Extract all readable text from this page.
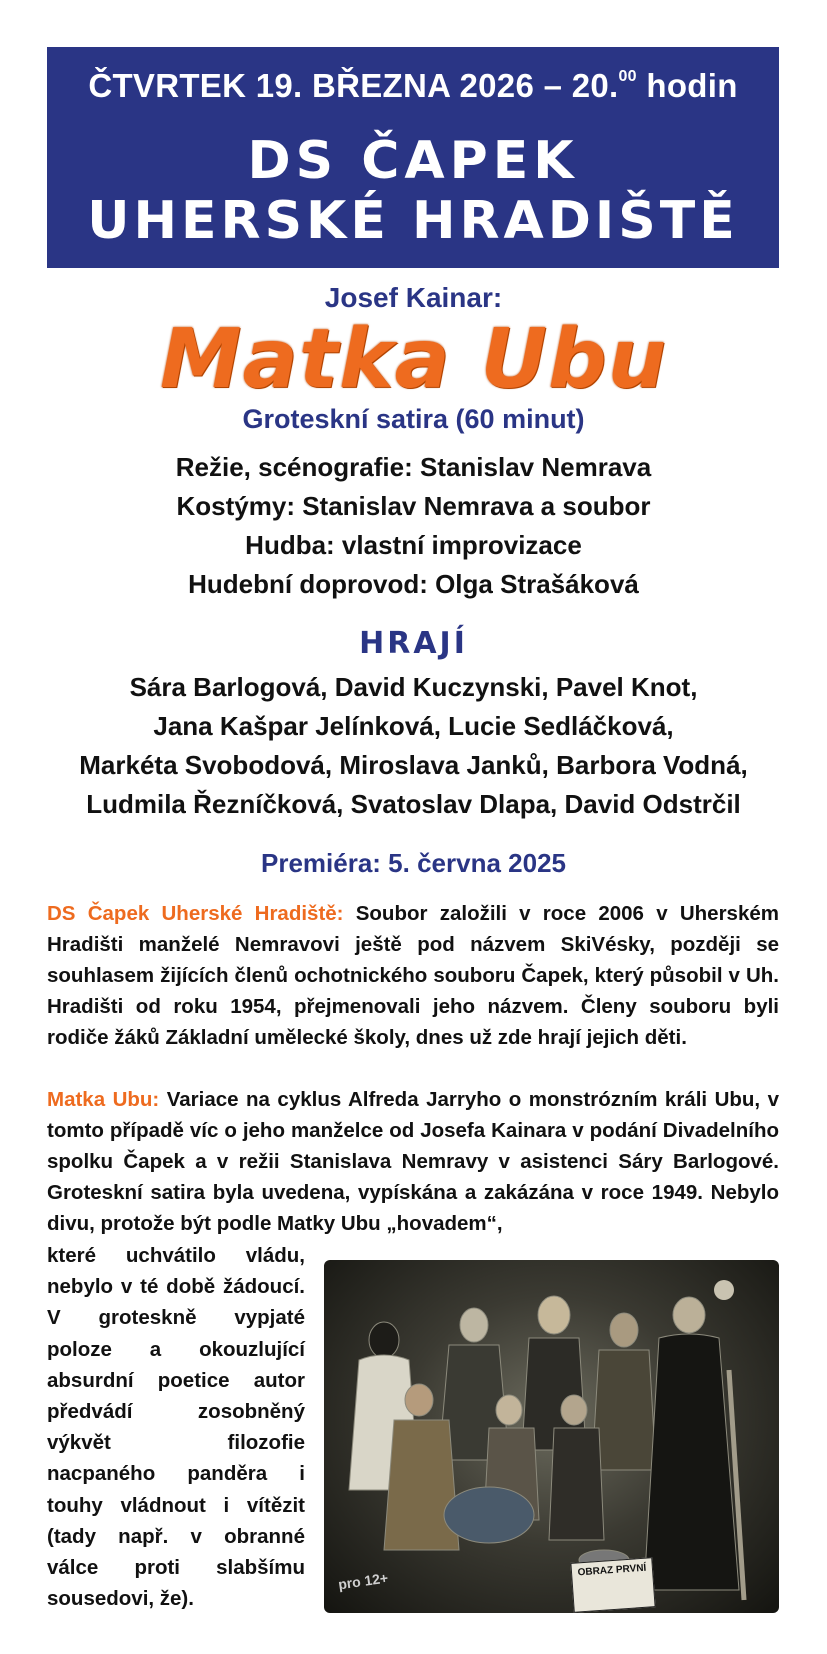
ČTVRTEK 19. BŘEZNA 2026 – 20.00 hodin
DS ČAPEK
UHERSKÉ HRADIŠTĚ
Josef Kainar:
Matka Ubu
Groteskní satira (60 minut)
Režie, scénografie: Stanislav Nemrava
Kostýmy: Stanislav Nemrava a soubor
Hudba: vlastní improvizace
Hudební doprovod: Olga Strašáková
HRAJÍ
Sára Barlogová, David Kuczynski, Pavel Knot,
Jana Kašpar Jelínková, Lucie Sedláčková,
Markéta Svobodová, Miroslava Janků, Barbora Vodná,
Ludmila Řezníčková, Svatoslav Dlapa, David Odstrčil
Premiéra: 5. června 2025
DS Čapek Uherské Hradiště: Soubor založili v roce 2006 v Uherském Hradišti manželé Nemravovi ještě pod názvem SkiVésky, později se souhlasem žijících členů ochotnického souboru Čapek, který působil v Uh. Hradišti od roku 1954, přejmenovali jeho názvem. Členy souboru byli rodiče žáků Základní umělecké školy, dnes už zde hrají jejich děti.
Matka Ubu: Variace na cyklus Alfreda Jarryho o monstrózním králi Ubu, v tomto případě víc o jeho manželce od Josefa Kainara v podání Divadelního spolku Čapek a v režii Stanislava Nemravy v asistenci Sáry Barlogové. Groteskní satira byla uvedena, vypískána a zakázána v roce 1949. Nebylo divu, protože být podle Matky Ubu „hovadem“,
které uchvátilo vládu, nebylo v té době žádoucí. V groteskně vypjaté poloze a okouzlující absurdní poetice autor předvádí zosobněný výkvět filozofie nacpaného panděra i touhy vládnout i vítězit (tady např. v obranné válce proti slabšímu sousedovi, že).
OBRAZ PRVNÍ
pro 12+
